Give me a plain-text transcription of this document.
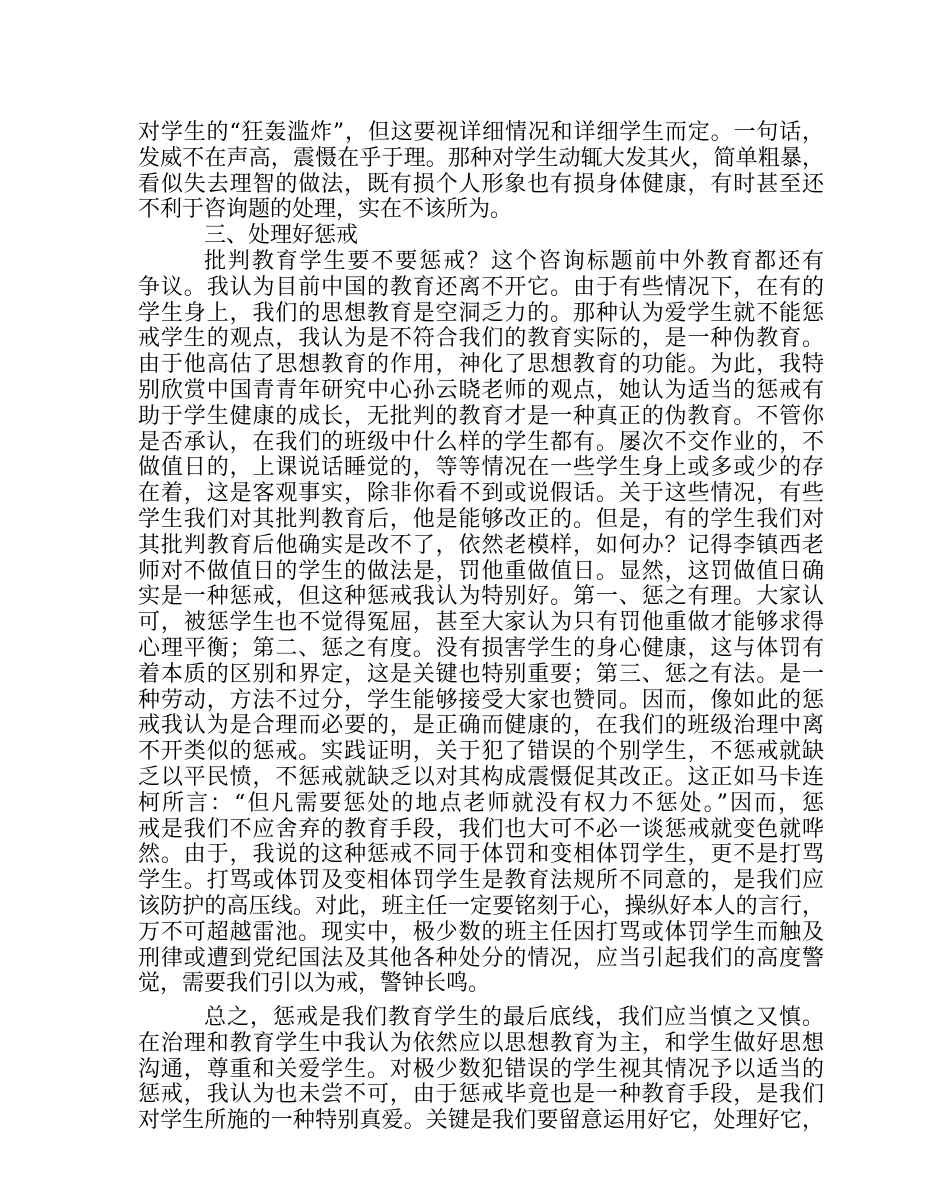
对学生的“狂轰滥炸”，但这要视详细情况和详细学生而定。一句话，
发威不在声高，震慑在乎于理。那种对学生动辄大发其火，简单粗暴，
看似失去理智的做法，既有损个人形象也有损身体健康，有时甚至还
不利于咨询题的处理，实在不该所为。
三、处理好惩戒
批判教育学生要不要惩戒？这个咨询标题前中外教育都还有
争议。我认为目前中国的教育还离不开它。由于有些情况下，在有的
学生身上，我们的思想教育是空洞乏力的。那种认为爱学生就不能惩
戒学生的观点，我认为是不符合我们的教育实际的，是一种伪教育。
由于他高估了思想教育的作用，神化了思想教育的功能。为此，我特
别欣赏中国青青年研究中心孙云晓老师的观点，她认为适当的惩戒有
助于学生健康的成长，无批判的教育才是一种真正的伪教育。不管你
是否承认，在我们的班级中什么样的学生都有。屡次不交作业的，不
做值日的，上课说话睡觉的，等等情况在一些学生身上或多或少的存
在着，这是客观事实，除非你看不到或说假话。关于这些情况，有些
学生我们对其批判教育后，他是能够改正的。但是，有的学生我们对
其批判教育后他确实是改不了，依然老模样，如何办？记得李镇西老
师对不做值日的学生的做法是，罚他重做值日。显然，这罚做值日确
实是一种惩戒，但这种惩戒我认为特别好。第一、惩之有理。大家认
可，被惩学生也不觉得冤屈，甚至大家认为只有罚他重做才能够求得
心理平衡；第二、惩之有度。没有损害学生的身心健康，这与体罚有
着本质的区别和界定，这是关键也特别重要；第三、惩之有法。是一
种劳动，方法不过分，学生能够接受大家也赞同。因而，像如此的惩
戒我认为是合理而必要的，是正确而健康的，在我们的班级治理中离
不开类似的惩戒。实践证明，关于犯了错误的个别学生，不惩戒就缺
乏以平民愤，不惩戒就缺乏以对其构成震慑促其改正。这正如马卡连
柯所言：“但凡需要惩处的地点老师就没有权力不惩处。”因而，惩
戒是我们不应舍弃的教育手段，我们也大可不必一谈惩戒就变色就哗
然。由于，我说的这种惩戒不同于体罚和变相体罚学生，更不是打骂
学生。打骂或体罚及变相体罚学生是教育法规所不同意的，是我们应
该防护的高压线。对此，班主任一定要铭刻于心，操纵好本人的言行，
万不可超越雷池。现实中，极少数的班主任因打骂或体罚学生而触及
刑律或遭到党纪国法及其他各种处分的情况，应当引起我们的高度警
觉，需要我们引以为戒，警钟长鸣。
总之，惩戒是我们教育学生的最后底线，我们应当慎之又慎。
在治理和教育学生中我认为依然应以思想教育为主，和学生做好思想
沟通，尊重和关爱学生。对极少数犯错误的学生视其情况予以适当的
惩戒，我认为也未尝不可，由于惩戒毕竟也是一种教育手段，是我们
对学生所施的一种特别真爱。关键是我们要留意运用好它，处理好它，
